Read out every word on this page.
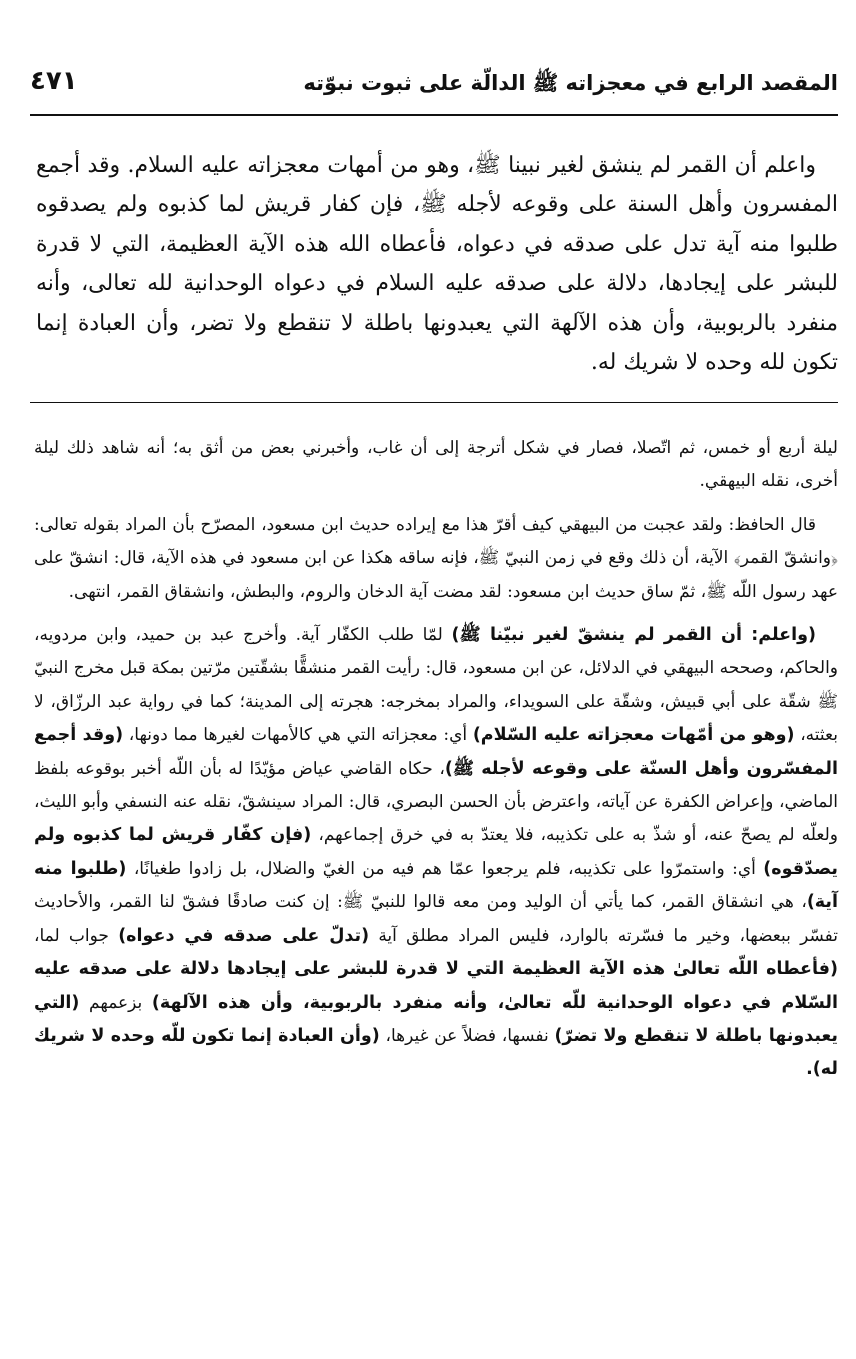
المقصد الرابع في معجزاته ﷺ الدالّة على ثبوت نبوّته
٤٧١

واعلم أن القمر لم ينشق لغير نبينا ﷺ، وهو من أمهات معجزاته عليه السلام. وقد أجمع المفسرون وأهل السنة على وقوعه لأجله ﷺ، فإن كفار قريش لما كذبوه ولم يصدقوه طلبوا منه آية تدل على صدقه في دعواه، فأعطاه الله هذه الآية العظيمة، التي لا قدرة للبشر على إيجادها، دلالة على صدقه عليه السلام في دعواه الوحدانية لله تعالى، وأنه منفرد بالربوبية، وأن هذه الآلهة التي يعبدونها باطلة لا تنقطع ولا تضر، وأن العبادة إنما تكون لله وحده لا شريك له.

ليلة أربع أو خمس، ثم اتّصلا، فصار في شكل أترجة إلى أن غاب، وأخبرني بعض من أثق به؛ أنه شاهد ذلك ليلة أخرى، نقله البيهقي.

قال الحافظ: ولقد عجبت من البيهقي كيف أقرّ هذا مع إيراده حديث ابن مسعود، المصرّح بأن المراد بقوله تعالى: ﴿وانشقّ القمر﴾ الآية، أن ذلك وقع في زمن النبيّ ﷺ، فإنه ساقه هكذا عن ابن مسعود في هذه الآية، قال: انشقّ على عهد رسول اللّه ﷺ، ثمّ ساق حديث ابن مسعود: لقد مضت آية الدخان والروم، والبطش، وانشقاق القمر، انتهى.

(واعلم: أن القمر لم ينشقّ لغير نبيّنا ﷺ) لمّا طلب الكفّار آية. وأخرج عبد بن حميد، وابن مردويه، والحاكم، وصححه البيهقي في الدلائل، عن ابن مسعود، قال: رأيت القمر منشقًّا بشقّتين مرّتين بمكة قبل مخرج النبيّ ﷺ شقّة على أبي قبيش، وشقّة على السويداء، والمراد بمخرجه: هجرته إلى المدينة؛ كما في رواية عبد الرزّاق، لا بعثته، (وهو من أمّهات معجزاته عليه السّلام) أي: معجزاته التي هي كالأمهات لغيرها مما دونها، (وقد أجمع المفسّرون وأهل السنّة على وقوعه لأجله ﷺ)، حكاه القاضي عياض مؤيّدًا له بأن اللّه أخبر بوقوعه بلفظ الماضي، وإعراض الكفرة عن آياته، واعترض بأن الحسن البصري، قال: المراد سينشقّ، نقله عنه النسفي وأبو الليث، ولعلّه لم يصحّ عنه، أو شذّ به على تكذيبه، فلا يعتدّ به في خرق إجماعهم، (فإن كفّار قريش لما كذبوه ولم يصدّقوه) أي: واستمرّوا على تكذيبه، فلم يرجعوا عمّا هم فيه من الغيّ والضلال، بل زادوا طغيانًا، (طلبوا منه آية)، هي انشقاق القمر، كما يأتي أن الوليد ومن معه قالوا للنبيّ ﷺ: إن كنت صادقًا فشقّ لنا القمر، والأحاديث تفسّر ببعضها، وخير ما فسّرته بالوارد، فليس المراد مطلق آية (تدلّ على صدقه في دعواه) جواب لما، (فأعطاه اللّه تعالىٰ هذه الآية العظيمة التي لا قدرة للبشر على إيجادها دلالة على صدقه عليه السّلام في دعواه الوحدانية للّه تعالىٰ، وأنه منفرد بالربوبية، وأن هذه الآلهة) بزعمهم (التي يعبدونها باطلة لا تنقطع ولا تضرّ) نفسها، فضلاً عن غيرها، (وأن العبادة إنما تكون للّه وحده لا شريك له).
